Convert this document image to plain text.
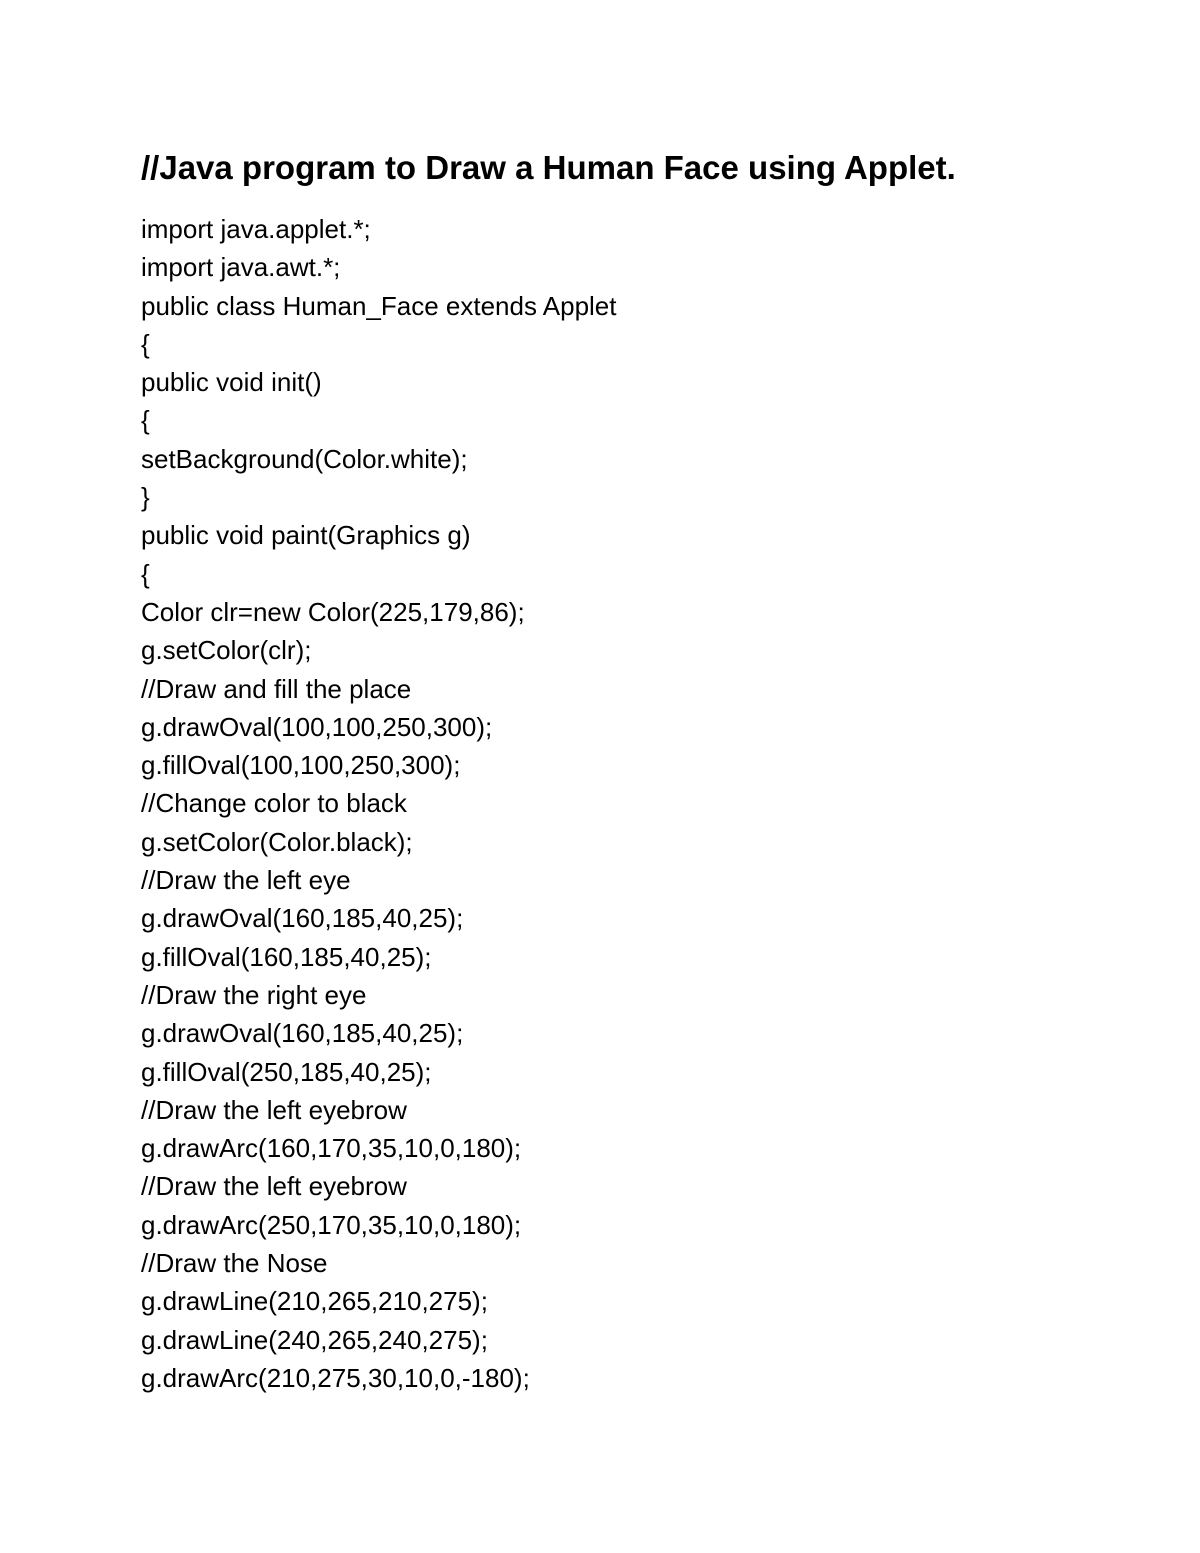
//Java program to Draw a Human Face using Applet.
import java.applet.*;
import java.awt.*;
public class Human_Face extends Applet
{
public void init()
{
setBackground(Color.white);
}
public void paint(Graphics g)
{
Color clr=new Color(225,179,86);
g.setColor(clr);
//Draw and fill the place
g.drawOval(100,100,250,300);
g.fillOval(100,100,250,300);
//Change color to black
g.setColor(Color.black);
//Draw the left eye
g.drawOval(160,185,40,25);
g.fillOval(160,185,40,25);
//Draw the right eye
g.drawOval(160,185,40,25);
g.fillOval(250,185,40,25);
//Draw the left eyebrow
g.drawArc(160,170,35,10,0,180);
//Draw the left eyebrow
g.drawArc(250,170,35,10,0,180);
//Draw the Nose
g.drawLine(210,265,210,275);
g.drawLine(240,265,240,275);
g.drawArc(210,275,30,10,0,-180);
